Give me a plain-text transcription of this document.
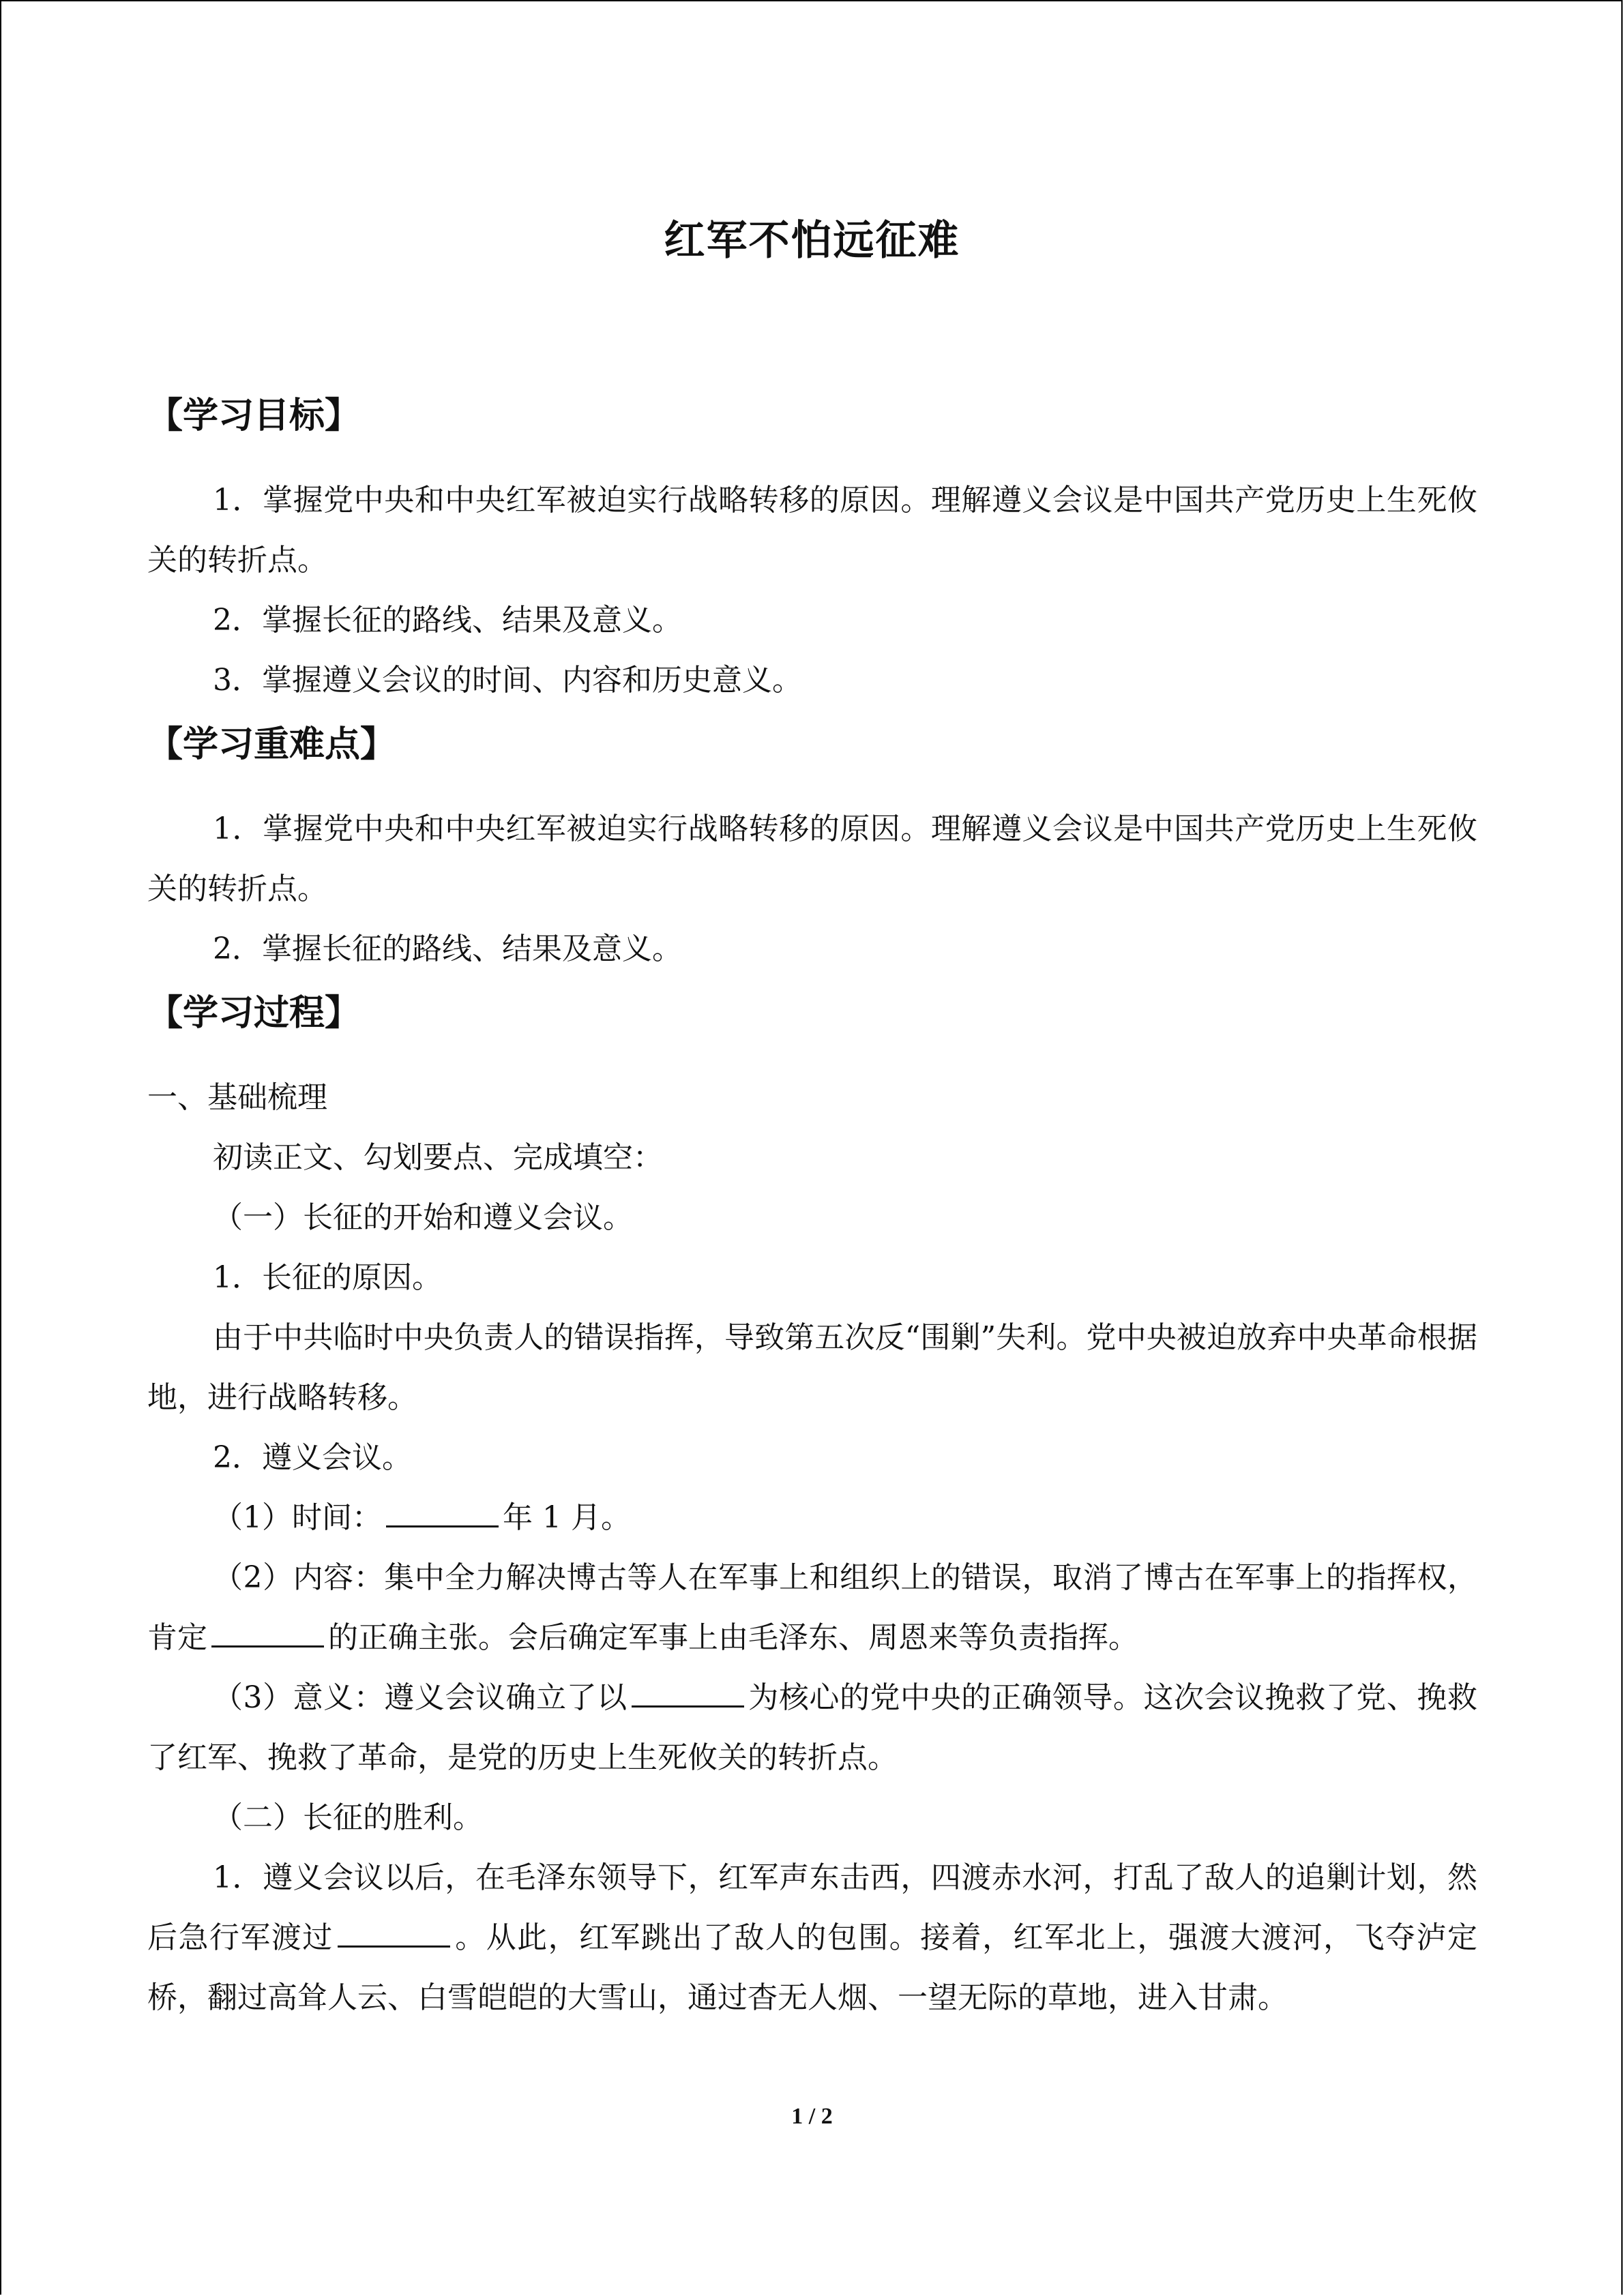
红军不怕远征难
【学习目标】
1．掌握党中央和中央红军被迫实行战略转移的原因。理解遵义会议是中国共产党历史上生死攸关的转折点。
2．掌握长征的路线、结果及意义。
3．掌握遵义会议的时间、内容和历史意义。
【学习重难点】
1．掌握党中央和中央红军被迫实行战略转移的原因。理解遵义会议是中国共产党历史上生死攸关的转折点。
2．掌握长征的路线、结果及意义。
【学习过程】
一、基础梳理
初读正文、勾划要点、完成填空：
（一）长征的开始和遵义会议。
1．长征的原因。
由于中共临时中央负责人的错误指挥，导致第五次反“围剿”失利。党中央被迫放弃中央革命根据地，进行战略转移。
2．遵义会议。
（1）时间：	年 1 月。
（2）内容：集中全力解决博古等人在军事上和组织上的错误，取消了博古在军事上的指挥权，肯定	的正确主张。会后确定军事上由毛泽东、周恩来等负责指挥。
（3）意义：遵义会议确立了以	为核心的党中央的正确领导。这次会议挽救了党、挽救了红军、挽救了革命，是党的历史上生死攸关的转折点。
（二）长征的胜利。
1．遵义会议以后，在毛泽东领导下，红军声东击西，四渡赤水河，打乱了敌人的追剿计划，然后急行军渡过	。从此，红军跳出了敌人的包围。接着，红军北上，强渡大渡河，飞夺泸定桥，翻过高耸人云、白雪皑皑的大雪山，通过杳无人烟、一望无际的草地，进入甘肃。
1 / 2
